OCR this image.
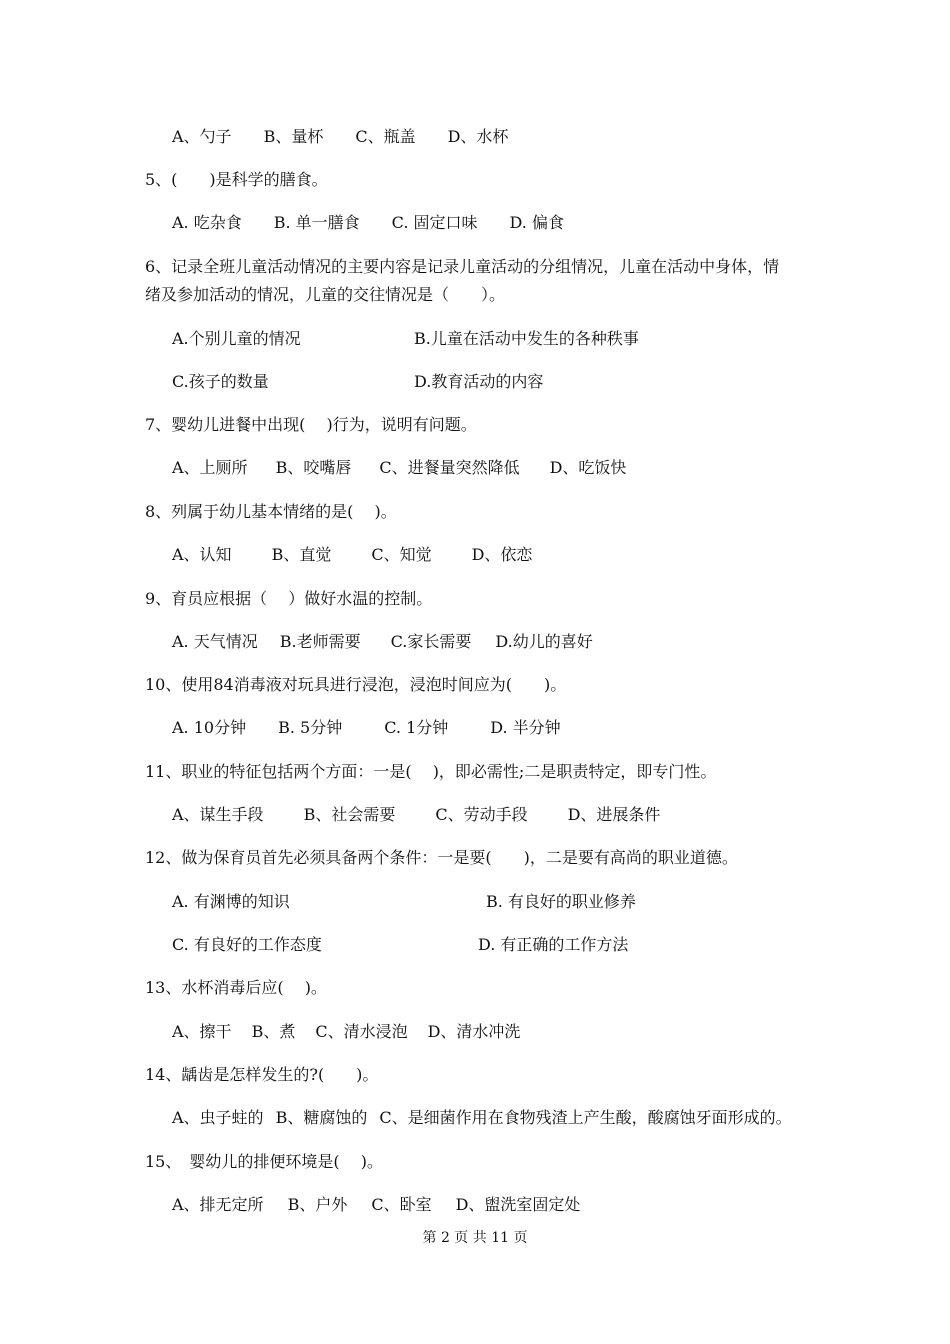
A、勺子 B、量杯 C、瓶盖 D、水杯
5、(　　)是科学的膳食。
A. 吃杂食 B. 单一膳食 C. 固定口味 D. 偏食
6、记录全班儿童活动情况的主要内容是记录儿童活动的分组情况，儿童在活动中身体，情
绪及参加活动的情况，儿童的交往情况是（　　）。
A.个别儿童的情况	B.儿童在活动中发生的各种秩事
C.孩子的数量	D.教育活动的内容
7、婴幼儿进餐中出现(　 )行为，说明有问题。
A、上厕所 B、咬嘴唇 C、进餐量突然降低 D、吃饭快
8、列属于幼儿基本情绪的是(　 )。
A、认知	B、直觉	C、知觉	D、依恋
9、育员应根据（　 ）做好水温的控制。
A. 天气情况 B.老师需要 C.家长需要 D.幼儿的喜好
10、使用84消毒液对玩具进行浸泡，浸泡时间应为(　　)。
A. 10分钟 B. 5分钟	C. 1分钟	D. 半分钟
11、职业的特征包括两个方面：一是(　 )，即必需性;二是职责特定，即专门性。
A、谋生手段	B、社会需要	C、劳动手段	D、进展条件
12、做为保育员首先必须具备两个条件：一是要(　　)，二是要有高尚的职业道德。
A. 有渊博的知识	B. 有良好的职业修养
C. 有良好的工作态度	D. 有正确的工作方法
13、水杯消毒后应(　 )。
A、擦干 B、煮 C、清水浸泡 D、清水冲洗
14、龋齿是怎样发生的?(　　)。
A、虫子蛀的 B、糖腐蚀的 C、是细菌作用在食物残渣上产生酸，酸腐蚀牙面形成的。
15、　婴幼儿的排便环境是(　 )。
A、排无定所 B、户外 C、卧室 D、盥洗室固定处
第 2 页 共 11 页
